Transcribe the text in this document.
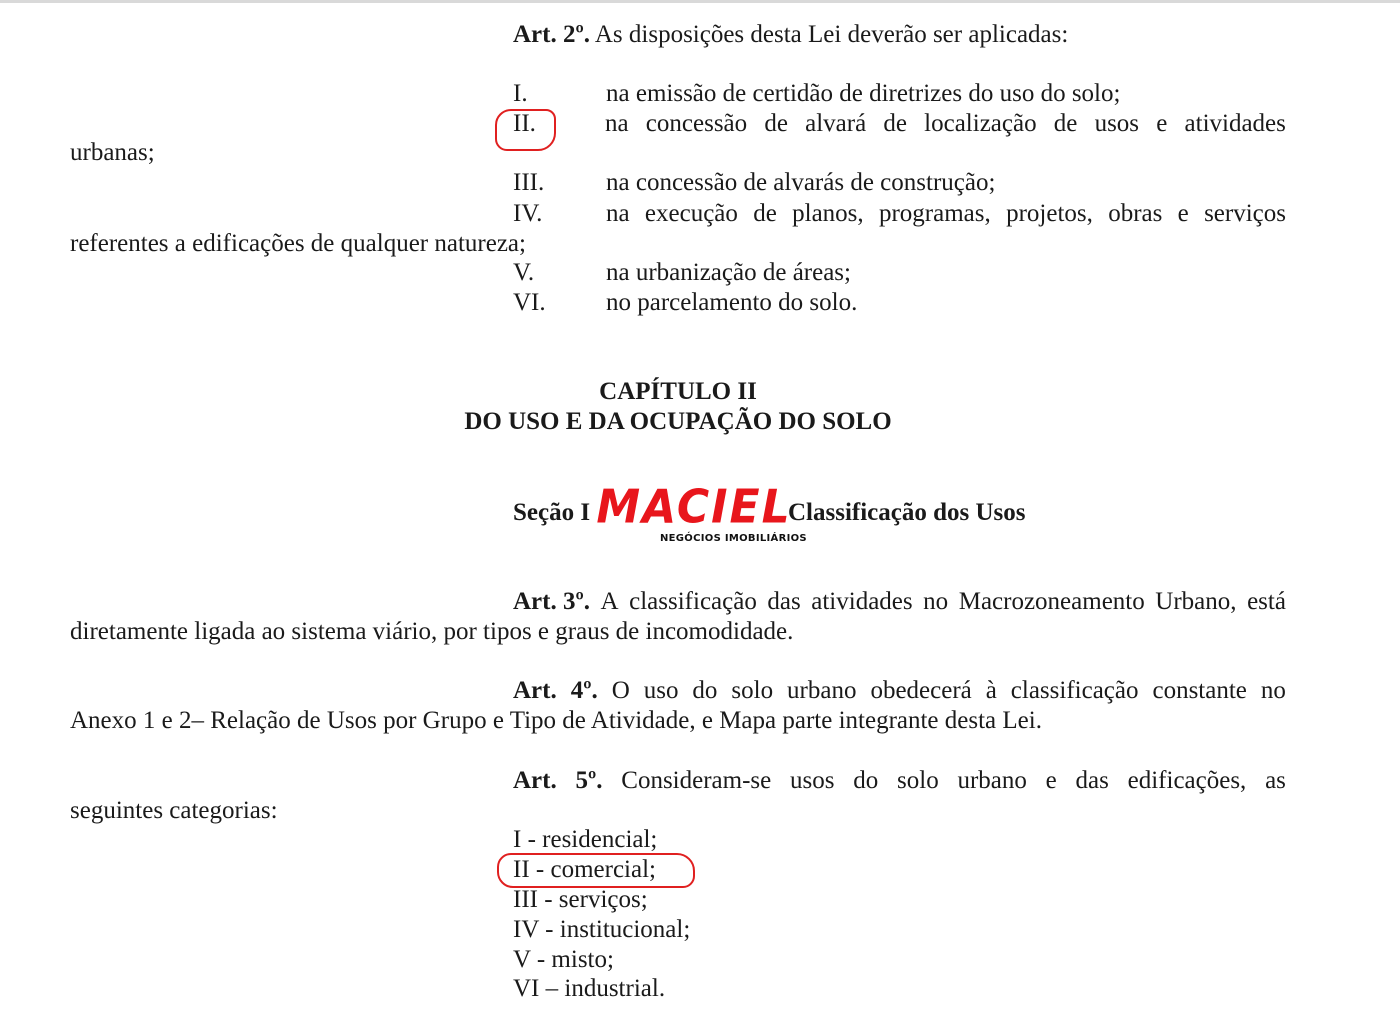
Art. 2º. As disposições desta Lei deverão ser aplicadas:
I.	na emissão de certidão de diretrizes do uso do solo;
II.	na concessão de alvará de localização de usos e atividades
urbanas;
III. na concessão de alvarás de construção;
IV.	na execução de planos, programas, projetos, obras e serviços
referentes a edificações de qualquer natureza;
V.	na urbanização de áreas;
VI. no parcelamento do solo.
CAPÍTULO II
DO USO E DA OCUPAÇÃO DO SOLO
Seção I	Classificação dos Usos
MACIEL
NEGÓCIOS IMOBILIÁRIOS
Art. 3º. A classificação das atividades no Macrozoneamento Urbano, está
diretamente ligada ao sistema viário, por tipos e graus de incomodidade.
Art. 4º. O uso do solo urbano obedecerá à classificação constante no
Anexo 1 e 2– Relação de Usos por Grupo e Tipo de Atividade, e Mapa parte integrante desta Lei.
Art. 5º. Consideram-se usos do solo urbano e das edificações, as
seguintes categorias:
I - residencial;
II - comercial;
III - serviços;
IV - institucional;
V - misto;
VI – industrial.
